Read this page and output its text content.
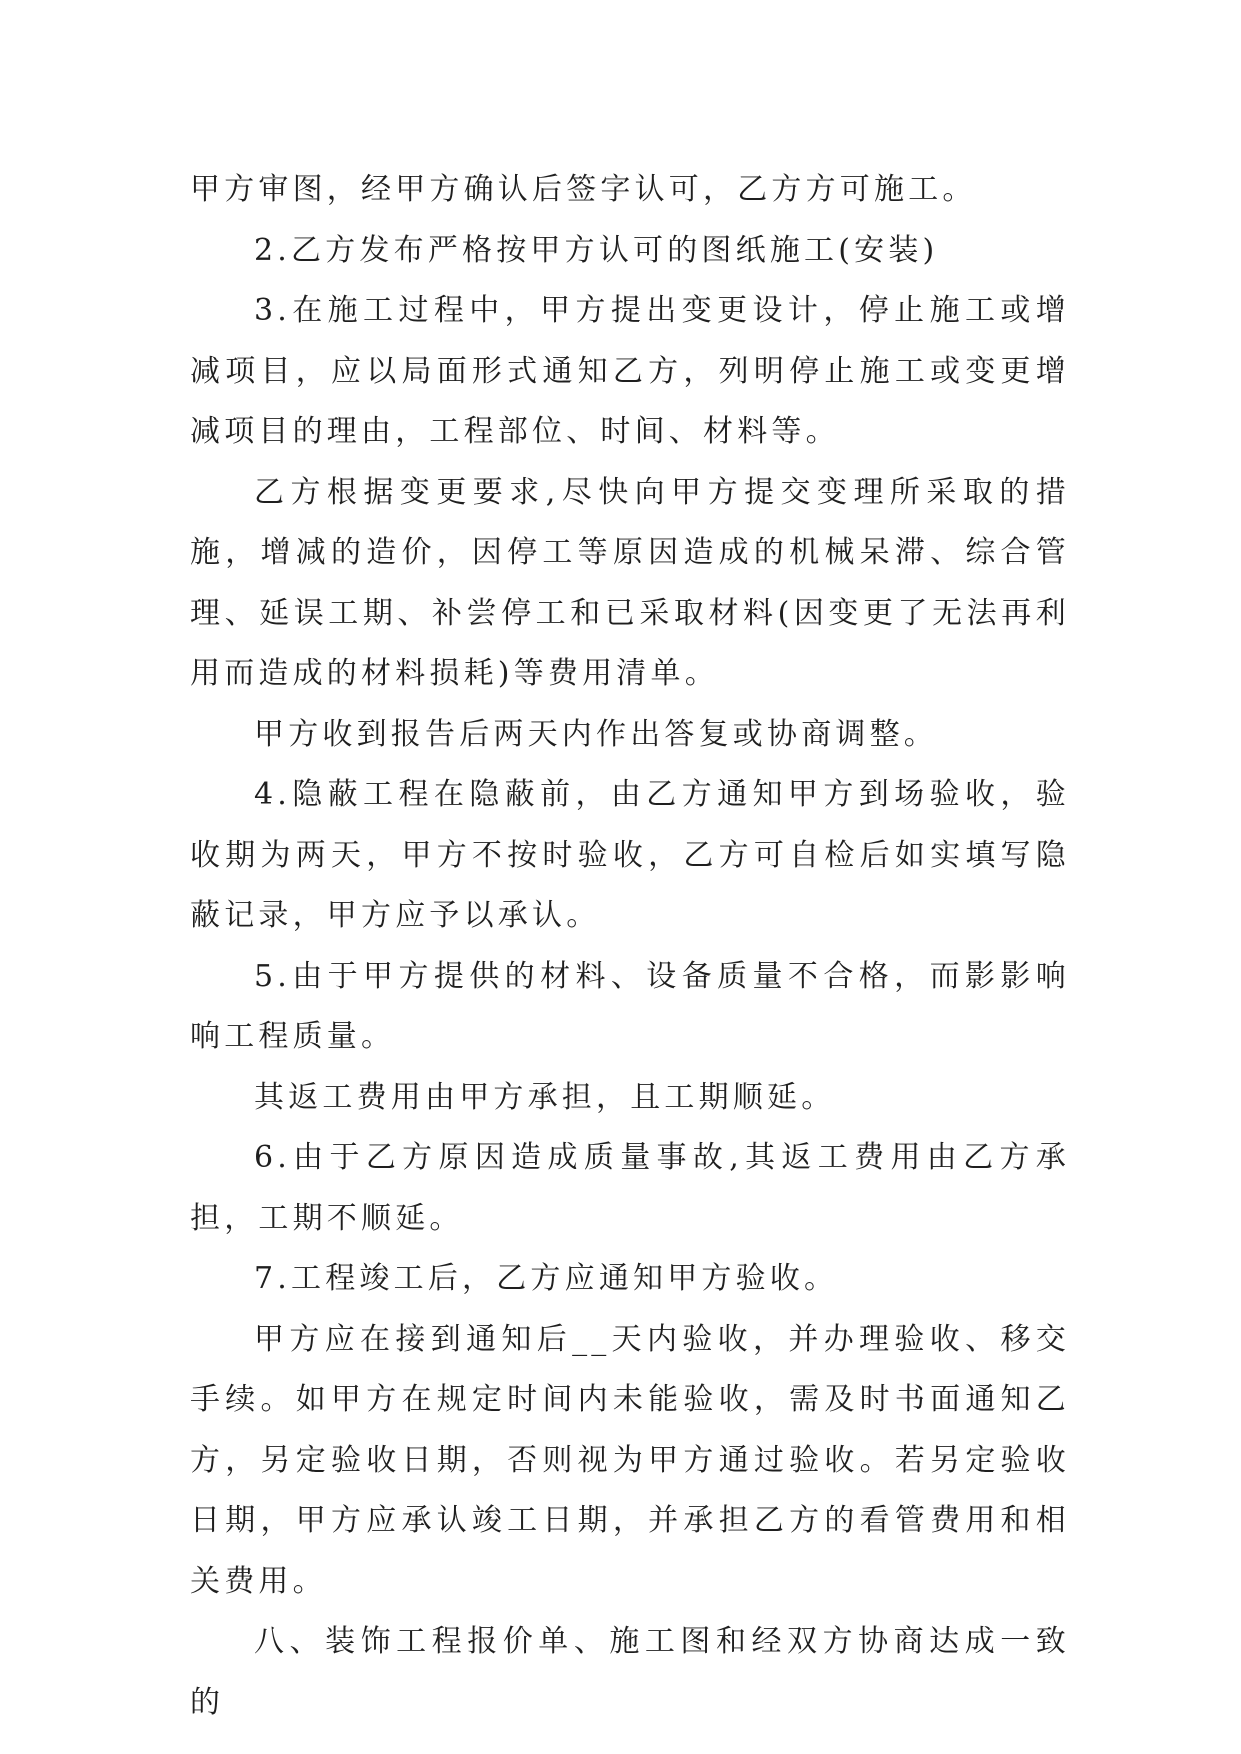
甲方审图，经甲方确认后签字认可，乙方方可施工。

2.乙方发布严格按甲方认可的图纸施工(安装)

3.在施工过程中，甲方提出变更设计，停止施工或增减项目，应以局面形式通知乙方，列明停止施工或变更增减项目的理由，工程部位、时间、材料等。

乙方根据变更要求,尽快向甲方提交变理所采取的措施，增减的造价，因停工等原因造成的机械呆滞、综合管理、延误工期、补尝停工和已采取材料(因变更了无法再利用而造成的材料损耗)等费用清单。

甲方收到报告后两天内作出答复或协商调整。

4.隐蔽工程在隐蔽前，由乙方通知甲方到场验收，验收期为两天，甲方不按时验收，乙方可自检后如实填写隐蔽记录，甲方应予以承认。

5.由于甲方提供的材料、设备质量不合格，而影影响响工程质量。

其返工费用由甲方承担，且工期顺延。

6.由于乙方原因造成质量事故,其返工费用由乙方承担，工期不顺延。

7.工程竣工后，乙方应通知甲方验收。

甲方应在接到通知后__天内验收，并办理验收、移交手续。如甲方在规定时间内未能验收，需及时书面通知乙方，另定验收日期，否则视为甲方通过验收。若另定验收日期，甲方应承认竣工日期，并承担乙方的看管费用和相关费用。

八、装饰工程报价单、施工图和经双方协商达成一致的
